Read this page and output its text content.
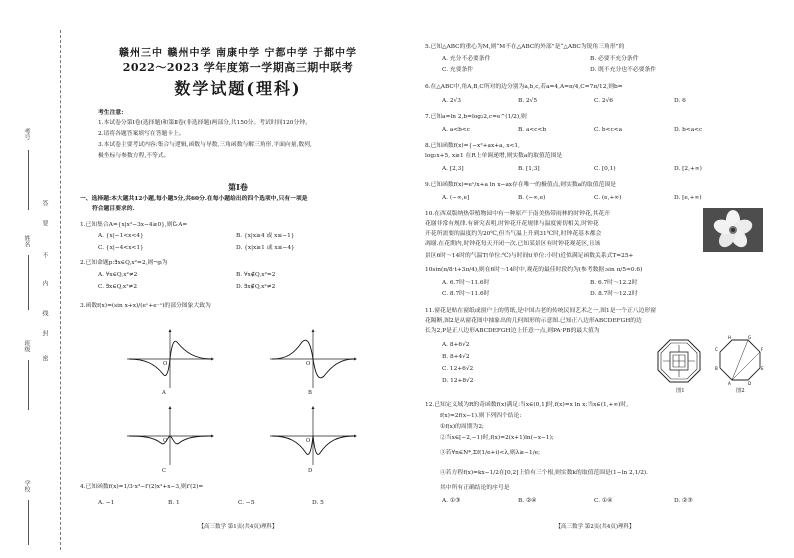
考号
姓名
班级
学校
答
要
不
内
线
封
密
赣州三中 赣州中学 南康中学 宁都中学 于都中学
2022～2023 学年度第一学期高三期中联考
数学试题(理科)
考生注意:
1.本试卷分第Ⅰ卷(选择题)和第Ⅱ卷(非选择题)两部分,共150分。考试时间120分钟。
2.请将各题答案填写在答题卡上。
3.本试卷主要考试内容:集合与逻辑,函数与导数,三角函数与解三角形,平面向量,数列,
极坐标与参数方程,不等式。
第Ⅰ卷
一、选择题:本大题共12小题,每小题5分,共60分.在每小题给出的四个选项中,只有一项是
符合题目要求的.
1.已知集合A={x|x²−3x−4≥0},则∁ᵣA=
A. {x|−1<x<4}	B. {x|x≥4 或 x≤−1}
C. {x|−4<x<1}	D. {x|x≥1 或 x≤−4}
2.已知命题p:∃x∈Q,x²=2,则¬p为
A. ∀x∈Q,x²≠2	B. ∀x∉Q,x²=2
C. ∃x∈Q,x²≠2	D. ∃x∉Q,x²≠2
3.函数f(x)=(sin x+x)/(eˣ+e⁻ˣ)的部分图象大致为
A
O
B
O
C
O
D
O
4.已知函数f(x)=1/3·x³−f′(2)x²+x−3,则f′(2)=
A. −1	B. 1	C. −5	D. 5
【高三数学 第1页(共4页)理科】
5.已知△ABC的重心为M,则“M不在△ABC的外部”是“△ABC为锐角三角形”的
A. 充分不必要条件	B. 必要不充分条件
C. 充要条件	D. 既不充分也不必要条件
6.在△ABC中,角A,B,C所对的边分别为a,b,c,若a=4,A=π/4,C=7π/12,则b=
A. 2√3	B. 2√5	C. 2√6	D. 6
7.已知a=ln 2,b=log₂2,c=e^(1/2),则
A. a<b<c	B. a<c<b	C. b<c<a	D. b<a<c
8.已知函数f(x)={−x²+ax+a, x<1,
log₂x+5, x≥1 在R上单调递增,则实数a的取值范围是
A. [2,3]	B. [1,3]	C. [0,1)	D. [2,+∞)
9.已知函数f(x)=eˣ/x+a ln x−ax存在唯一的极值点,则实数a的取值范围是
A. (−∞,e]	B. (−∞,e)	C. (e,+∞)	D. [e,+∞)
10.在西双版纳热带植物园中有一种原产于南美热带雨林的时钟花,其花开
花谢非常有规律.有研究表明,时钟花开花规律与温度密切相关,时钟花
开花所需要的温度约为20℃,但当气温上升到31℃时,时钟花基本都会
凋谢.在花期内,时钟花每天开闭一次.已知某景区有时钟花观花区,且该
景区6时～14时的气温T(单位:℃)与时间t(单位:小时)近似满足函数关系式T=25+
10sin(π/8·t+3π/4),则在6时～14时中,观花的最佳时段约为(参考数据:sin π/5≈0.6)
A. 6.7时～11.6时	B. 6.7时～12.2时
C. 8.7时～11.6时	D. 8.7时～12.2时
11.窗花是贴在窗纸或窗户上的剪纸,是中国古老的传统民间艺术之一,图1是一个正八边形窗
花隔断,图2是从窗花图中抽象出的几何图形的示意图.已知正八边形ABCDEFGH的边
长为2,P是正八边形ABCDEFGH边上任意一点,则PA·PB的最大值为
A. 8+6√2
B. 8+4√2
C. 12+6√2
D. 12+8√2
图1
H	G
F
E
D
A
B
C
图2
12.已知定义域为R的奇函数f(x)满足:当x∈(0,1]时,f(x)=x ln x;当x∈(1,+∞)时,
f(x)=2f(x−1).则下列四个结论:
①f(x)的周期为2;
②当x∈[−2,−1)时,f(x)=2(x+1)ln(−x−1);
③若∀n∈N*,Σf(1/e+i)<λ,则λ≥−1/e;
④若方程f(x)=kx−1/2在[0,2]上恰有三个根,则实数k的取值范围是(1−ln 2,1/2).
其中所有正确结论的序号是
A. ①③	B. ②④	C. ①④	D. ②③
【高三数学 第2页(共4页)理科】
